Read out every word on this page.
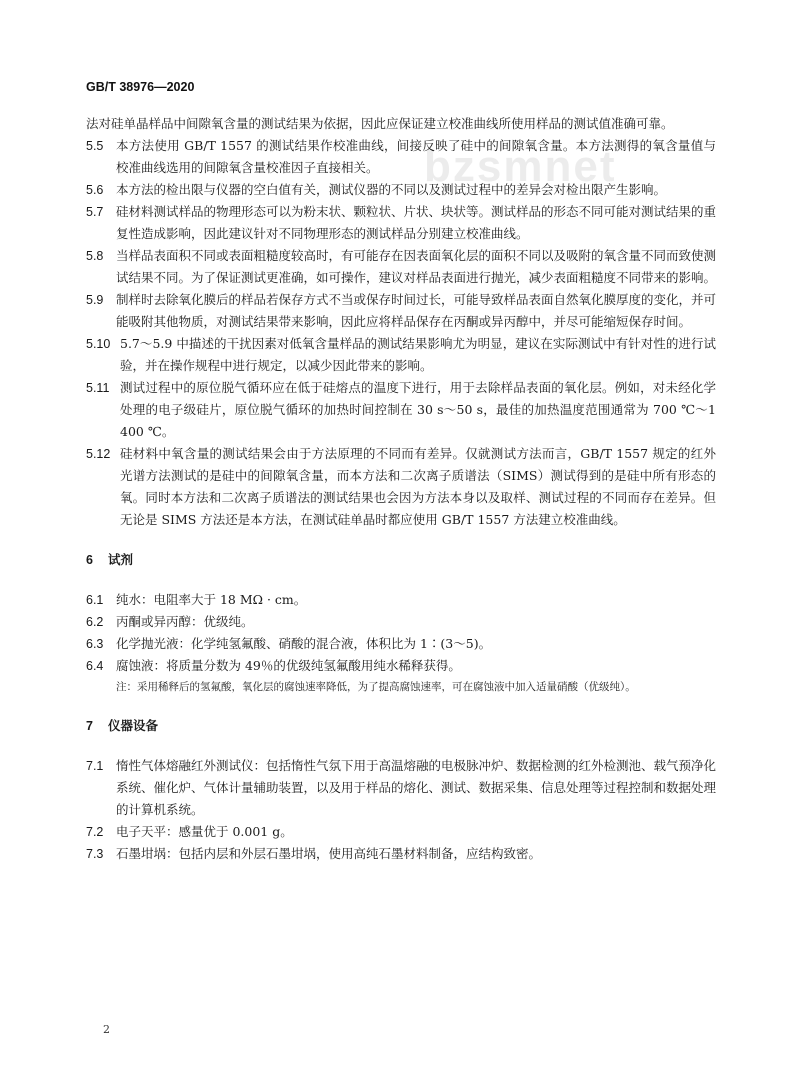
GB/T 38976—2020
bzsmnet

法对硅单晶样品中间隙氧含量的测试结果为依据，因此应保证建立校准曲线所使用样品的测试值准确可靠。

5.5	本方法使用 GB/T 1557 的测试结果作校准曲线，间接反映了硅中的间隙氧含量。本方法测得的氧含量值与校准曲线选用的间隙氧含量校准因子直接相关。
5.6	本方法的检出限与仪器的空白值有关，测试仪器的不同以及测试过程中的差异会对检出限产生影响。
5.7	硅材料测试样品的物理形态可以为粉末状、颗粒状、片状、块状等。测试样品的形态不同可能对测试结果的重复性造成影响，因此建议针对不同物理形态的测试样品分别建立校准曲线。
5.8	当样品表面积不同或表面粗糙度较高时，有可能存在因表面氧化层的面积不同以及吸附的氧含量不同而致使测试结果不同。为了保证测试更准确，如可操作，建议对样品表面进行抛光，减少表面粗糙度不同带来的影响。
5.9	制样时去除氧化膜后的样品若保存方式不当或保存时间过长，可能导致样品表面自然氧化膜厚度的变化，并可能吸附其他物质，对测试结果带来影响，因此应将样品保存在丙酮或异丙醇中，并尽可能缩短保存时间。
5.10 5.7～5.9 中描述的干扰因素对低氧含量样品的测试结果影响尤为明显，建议在实际测试中有针对性的进行试验，并在操作规程中进行规定，以减少因此带来的影响。
5.11 测试过程中的原位脱气循环应在低于硅熔点的温度下进行，用于去除样品表面的氧化层。例如，对未经化学处理的电子级硅片，原位脱气循环的加热时间控制在 30 s～50 s，最佳的加热温度范围通常为 700 ℃～1 400 ℃。
5.12 硅材料中氧含量的测试结果会由于方法原理的不同而有差异。仅就测试方法而言，GB/T 1557 规定的红外光谱方法测试的是硅中的间隙氧含量，而本方法和二次离子质谱法（SIMS）测试得到的是硅中所有形态的氧。同时本方法和二次离子质谱法的测试结果也会因为方法本身以及取样、测试过程的不同而存在差异。但无论是 SIMS 方法还是本方法，在测试硅单晶时都应使用 GB/T 1557 方法建立校准曲线。
6	试剂
6.1	纯水：电阻率大于 18 MΩ · cm。
6.2	丙酮或异丙醇：优级纯。
6.3	化学抛光液：化学纯氢氟酸、硝酸的混合液，体积比为 1∶(3～5)。
6.4	腐蚀液：将质量分数为 49％的优级纯氢氟酸用纯水稀释获得。

注：采用稀释后的氢氟酸，氧化层的腐蚀速率降低，为了提高腐蚀速率，可在腐蚀液中加入适量硝酸（优级纯）。

7	仪器设备
7.1	惰性气体熔融红外测试仪：包括惰性气氛下用于高温熔融的电极脉冲炉、数据检测的红外检测池、载气预净化系统、催化炉、气体计量辅助装置，以及用于样品的熔化、测试、数据采集、信息处理等过程控制和数据处理的计算机系统。
7.2	电子天平：感量优于 0.001 g。
7.3	石墨坩埚：包括内层和外层石墨坩埚，使用高纯石墨材料制备，应结构致密。
2
